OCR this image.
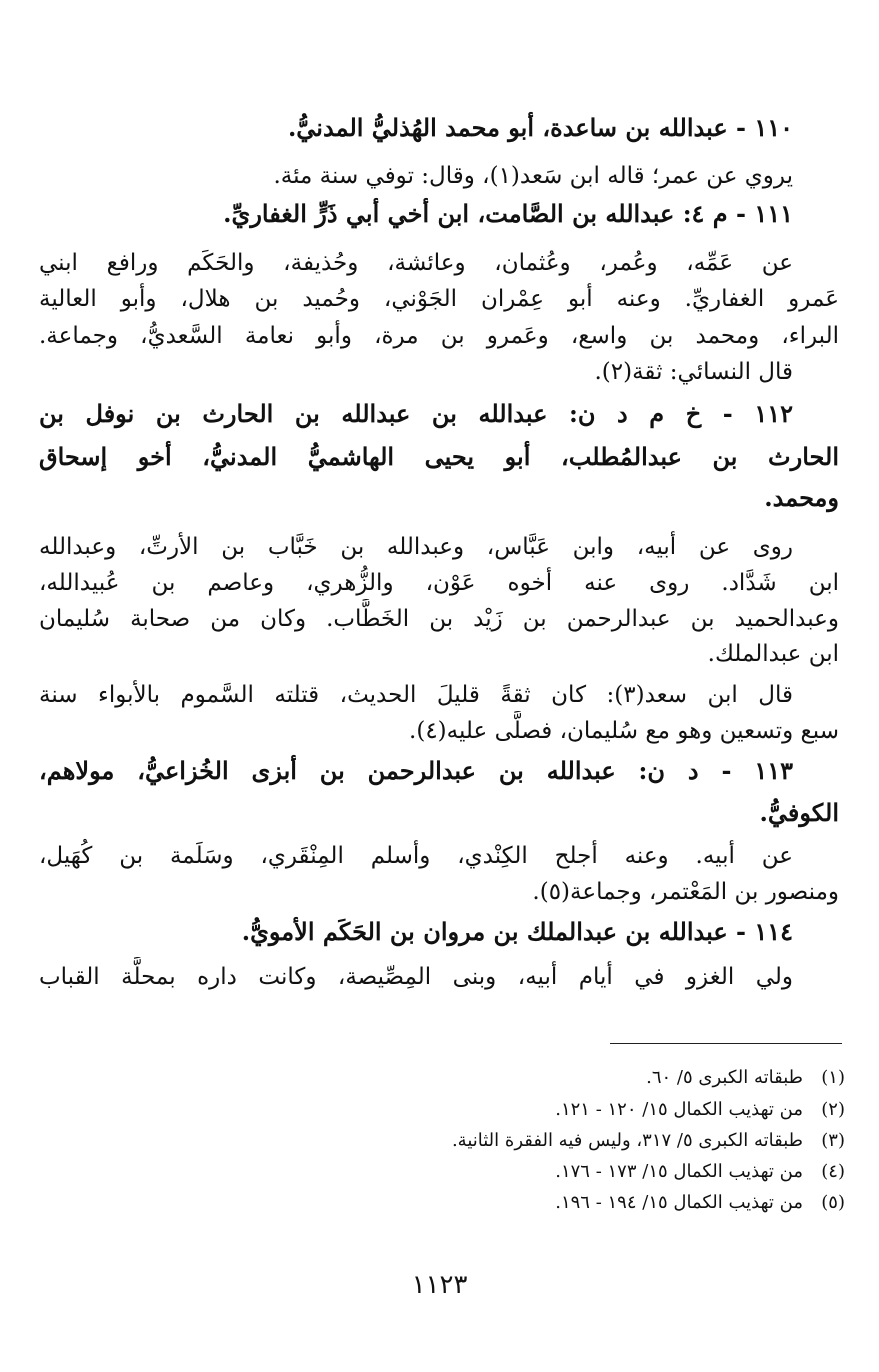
١١٠ - عبدالله بن ساعدة، أبو محمد الهُذليُّ المدنيُّ.
يروي عن عمر؛ قاله ابن سَعد(١)، وقال: توفي سنة مئة.
١١١ - م ٤: عبدالله بن الصَّامت، ابن أخي أبي ذَرٍّ الغفاريِّ.
عن عَمِّه، وعُمر، وعُثمان، وعائشة، وحُذيفة، والحَكَم ورافع ابني
عَمرو الغفاريِّ. وعنه أبو عِمْران الجَوْني، وحُميد بن هلال، وأبو العالية
البراء، ومحمد بن واسع، وعَمرو بن مرة، وأبو نعامة السَّعديُّ، وجماعة.
قال النسائي: ثقة(٢).
١١٢ - خ م د ن: عبدالله بن عبدالله بن الحارث بن نوفل بن
الحارث بن عبدالمُطلب، أبو يحيى الهاشميُّ المدنيُّ، أخو إسحاق
ومحمد.
روى عن أبيه، وابن عَبَّاس، وعبدالله بن خَبَّاب بن الأرتِّ، وعبدالله
ابن شَدَّاد. روى عنه أخوه عَوْن، والزُّهري، وعاصم بن عُبيدالله،
وعبدالحميد بن عبدالرحمن بن زَيْد بن الخَطَّاب. وكان من صحابة سُليمان
ابن عبدالملك.
قال ابن سعد(٣): كان ثقةً قليلَ الحديث، قتلته السَّموم بالأبواء سنة
سبع وتسعين وهو مع سُليمان، فصلَّى عليه(٤).
١١٣ - د ن: عبدالله بن عبدالرحمن بن أبزى الخُزاعيُّ، مولاهم،
الكوفيُّ.
عن أبيه. وعنه أجلح الكِنْدي، وأسلم المِنْقَري، وسَلَمة بن كُهَيل،
ومنصور بن المَعْتمر، وجماعة(٥).
١١٤ - عبدالله بن عبدالملك بن مروان بن الحَكَم الأمويُّ.
ولي الغزو في أيام أبيه، وبنى المِصِّيصة، وكانت داره بمحلَّة القباب
(١)طبقاته الكبرى ٥/ ٦٠.
(٢)من تهذيب الكمال ١٥/ ١٢٠ - ١٢١.
(٣)طبقاته الكبرى ٥/ ٣١٧، وليس فيه الفقرة الثانية.
(٤)من تهذيب الكمال ١٥/ ١٧٣ - ١٧٦.
(٥)من تهذيب الكمال ١٥/ ١٩٤ - ١٩٦.
١١٢٣
